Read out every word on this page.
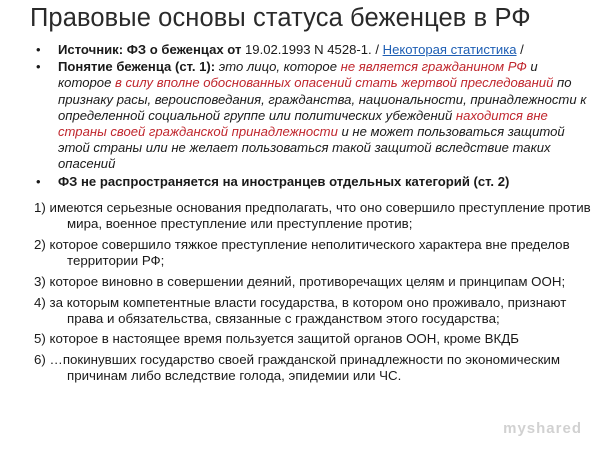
Правовые основы статуса беженцев в РФ
• Источник: ФЗ о беженцах от 19.02.1993 N 4528-1. / Некоторая статистика /
• Понятие беженца (ст. 1): это лицо, которое не является гражданином РФ и которое в силу вполне обоснованных опасений стать жертвой преследований по признаку расы, вероисповедания, гражданства, национальности, принадлежности к определенной социальной группе или политических убеждений находится вне страны своей гражданской принадлежности и не может пользоваться защитой этой страны или не желает пользоваться такой защитой вследствие таких опасений
• ФЗ не распространяется на иностранцев отдельных категорий (ст. 2)
1) имеются серьезные основания предполагать, что оно совершило преступление против мира, военное преступление или преступление против;
2) которое совершило тяжкое преступление неполитического характера вне пределов территории РФ;
3) которое виновно в совершении деяний, противоречащих целям и принципам ООН;
4) за которым компетентные власти государства, в котором оно проживало, признают права и обязательства, связанные с гражданством этого государства;
5) которое в настоящее время пользуется защитой органов ООН, кроме ВКДБ
6) …покинувших государство своей гражданской принадлежности по экономическим причинам либо вследствие голода, эпидемии или ЧС.
myshared
